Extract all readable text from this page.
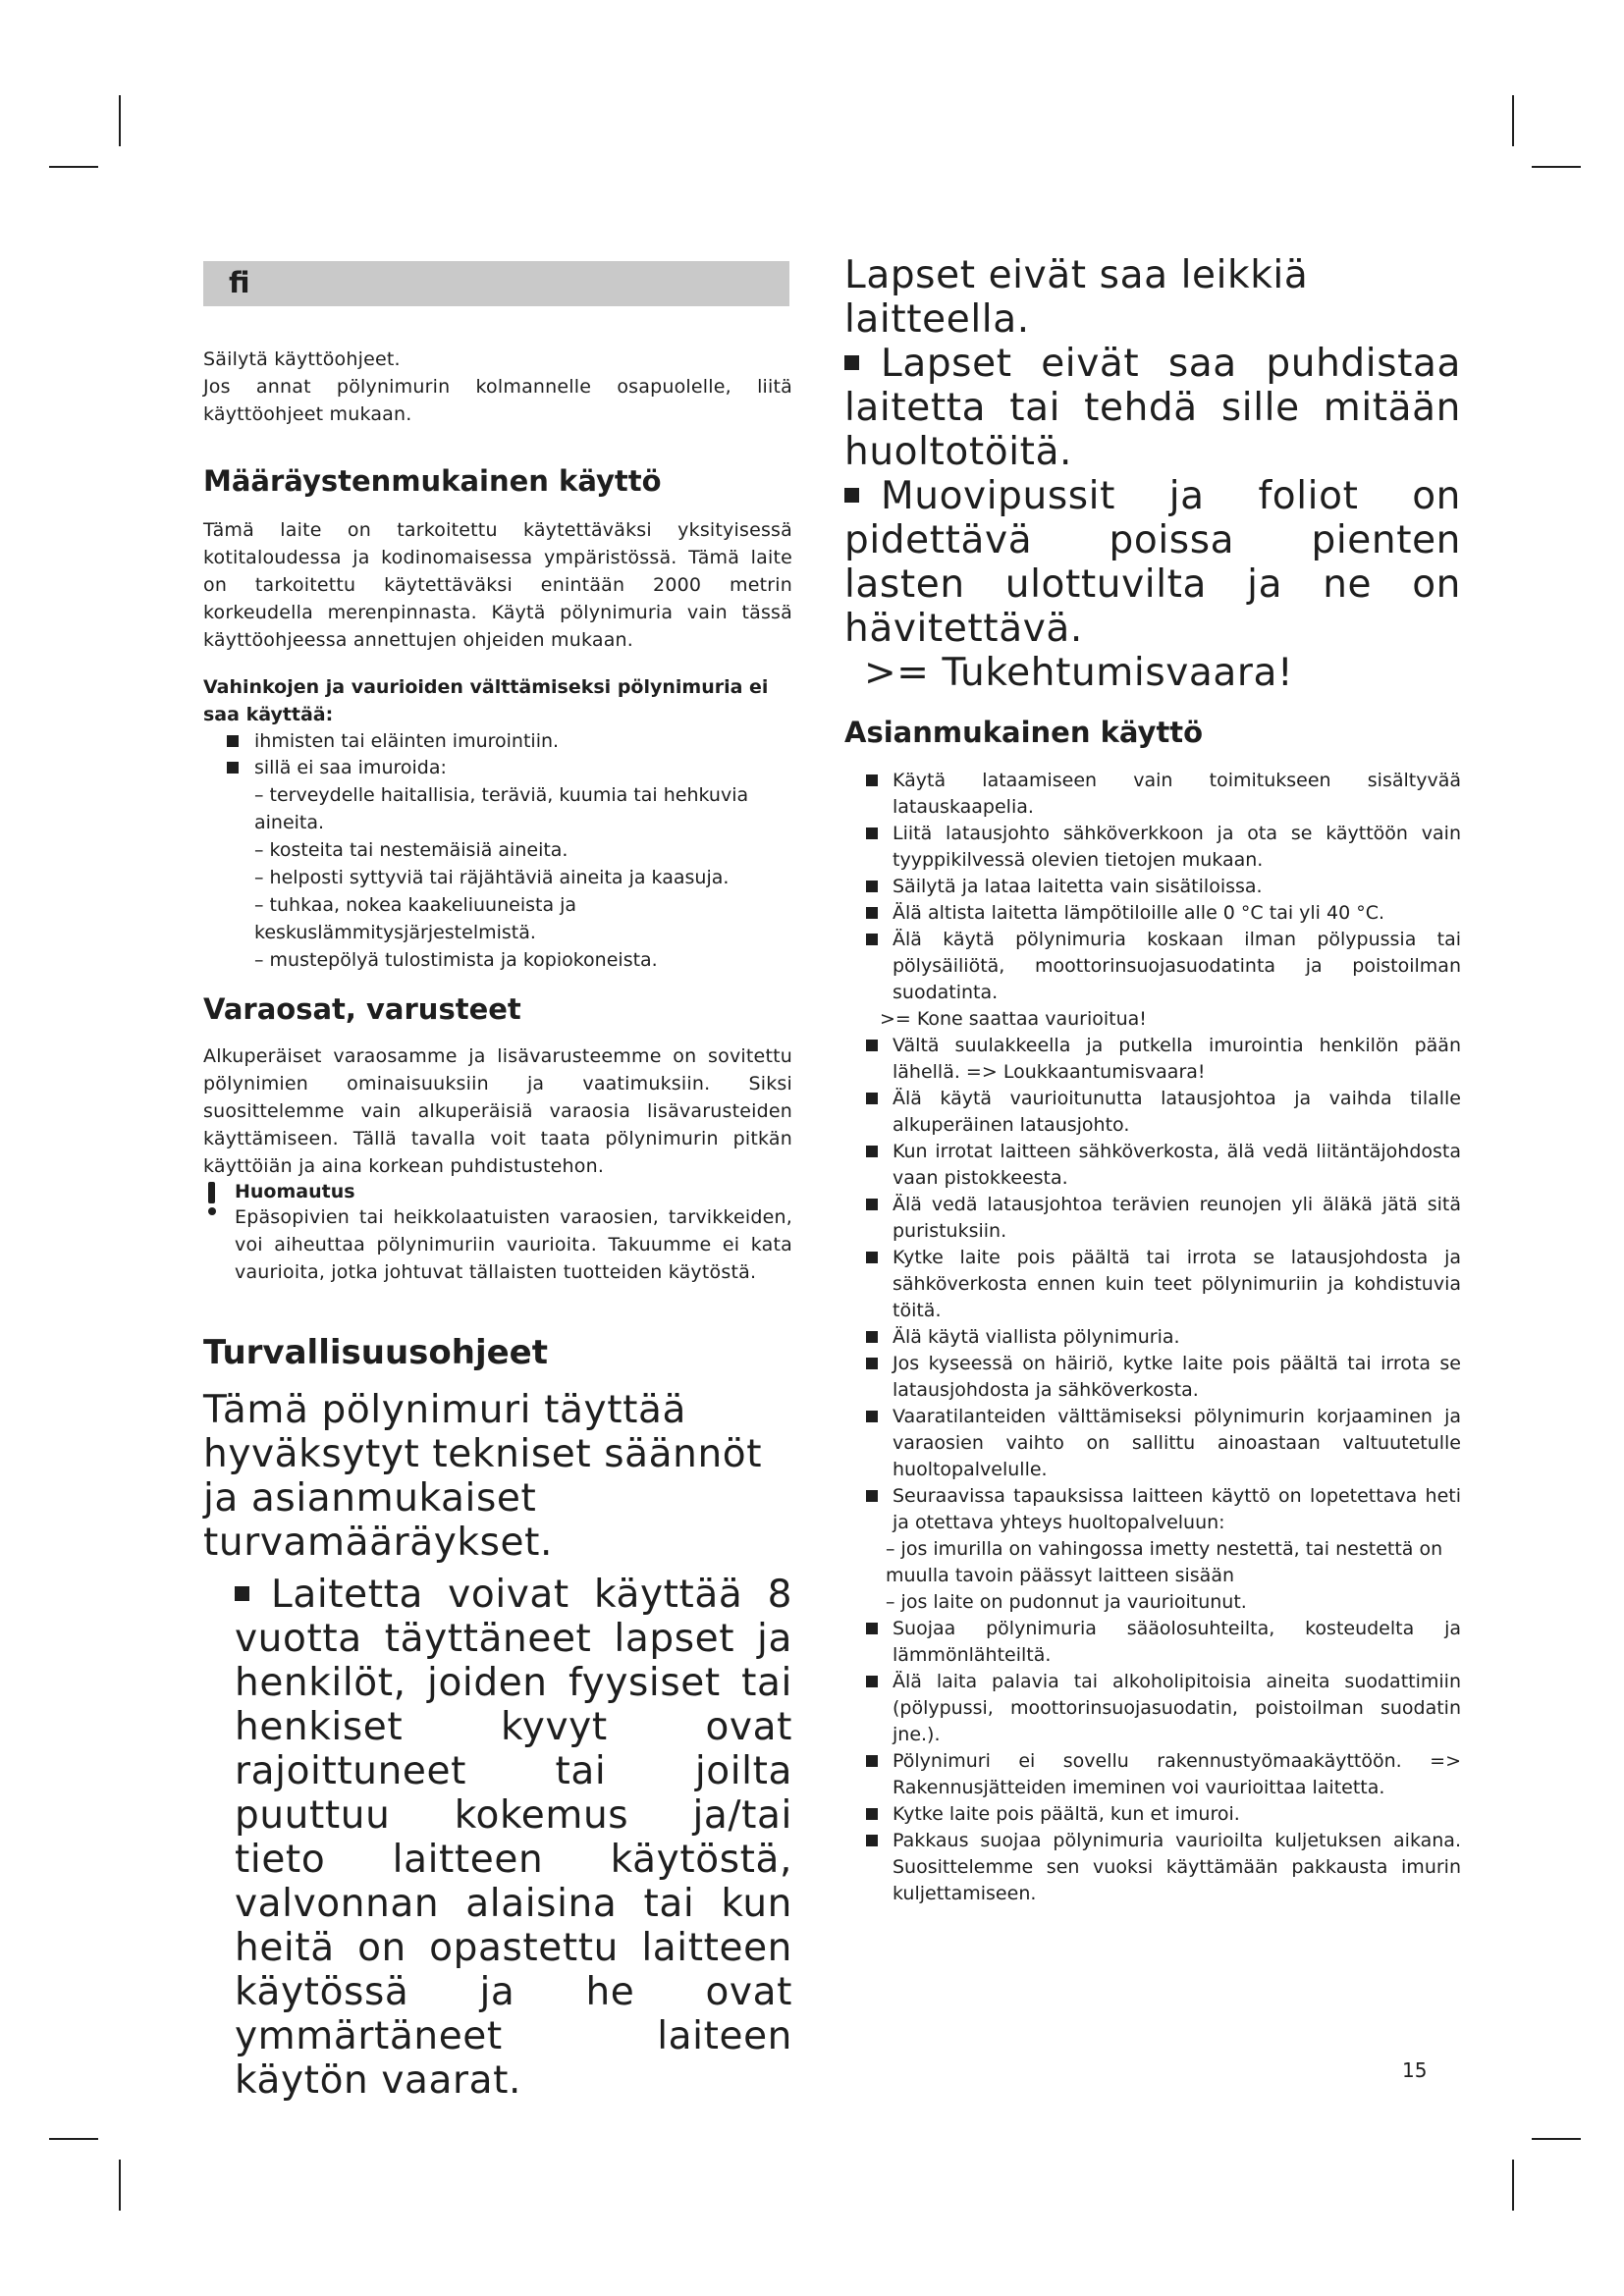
fi

Säilytä käyttöohjeet.

Jos annat pölynimurin kolmannelle osapuolelle, liitä käyttöohjeet mukaan.

Määräystenmukainen käyttö

Tämä laite on tarkoitettu käytettäväksi yksityisessä kotitaloudessa ja kodinomaisessa ympäristössä. Tämä laite on tarkoitettu käytettäväksi enintään 2000 metrin korkeudella merenpinnasta. Käytä pölynimuria vain tässä käyttöohjeessa annettujen ohjeiden mukaan.

Vahinkojen ja vaurioiden välttämiseksi pölynimuria ei saa käyttää:

ihmisten tai eläinten imurointiin.
sillä ei saa imuroida:
– terveydelle haitallisia, teräviä, kuumia tai hehkuvia aineita.
– kosteita tai nestemäisiä aineita.
– helposti syttyviä tai räjähtäviä aineita ja kaasuja.
– tuhkaa, nokea kaakeliuuneista ja keskuslämmitysjärjestelmistä.
– mustepölyä tulostimista ja kopiokoneista.
Varaosat, varusteet

Alkuperäiset varaosamme ja lisävarusteemme on sovitettu pölynimien ominaisuuksiin ja vaatimuksiin. Siksi suosittelemme vain alkuperäisiä varaosia lisävarusteiden käyttämiseen. Tällä tavalla voit taata pölynimurin pitkän käyttöiän ja aina korkean puhdistustehon.

Huomautus

Epäsopivien tai heikkolaatuisten varaosien, tarvikkeiden, voi aiheuttaa pölynimuriin vaurioita. Takuumme ei kata vaurioita, jotka johtuvat tällaisten tuotteiden käytöstä.

Turvallisuusohjeet

Tämä pölynimuri täyttää hyväksytyt tekniset säännöt ja asianmukaiset turvamääräykset.

Laitetta voivat käyttää 8 vuotta täyttäneet lapset ja henkilöt, joiden fyysiset tai henkiset kyvyt ovat rajoittuneet tai joilta puuttuu kokemus ja/tai tieto laitteen käytöstä, valvonnan alaisina tai kun heitä on opastettu laitteen käytössä ja he ovat ymmärtäneet laiteen käytön vaarat.

Lapset eivät saa leikkiä laitteella.

Lapset eivät saa puhdistaa laitetta tai tehdä sille mitään huoltotöitä.

Muovipussit ja foliot on pidettävä poissa pienten lasten ulottuvilta ja ne on hävitettävä.

>= Tukehtumisvaara!

Asianmukainen käyttö
Käytä lataamiseen vain toimitukseen sisältyvää latauskaapelia.
Liitä latausjohto sähköverkkoon ja ota se käyttöön vain tyyppikilvessä olevien tietojen mukaan.
Säilytä ja lataa laitetta vain sisätiloissa.
Älä altista laitetta lämpötiloille alle 0 °C tai yli 40 °C.
Älä käytä pölynimuria koskaan ilman pölypussia tai pölysäiliötä, moottorinsuojasuodatinta ja poistoilman suodatinta.
>= Kone saattaa vaurioitua!
Vältä suulakkeella ja putkella imurointia henkilön pään lähellä. => Loukkaantumisvaara!
Älä käytä vaurioitunutta latausjohtoa ja vaihda tilalle alkuperäinen latausjohto.
Kun irrotat laitteen sähköverkosta, älä vedä liitäntäjohdosta vaan pistokkeesta.
Älä vedä latausjohtoa terävien reunojen yli äläkä jätä sitä puristuksiin.
Kytke laite pois päältä tai irrota se latausjohdosta ja sähköverkosta ennen kuin teet pölynimuriin ja kohdistuvia töitä.
Älä käytä viallista pölynimuria.
Jos kyseessä on häiriö, kytke laite pois päältä tai irrota se latausjohdosta ja sähköverkosta.
Vaaratilanteiden välttämiseksi pölynimurin korjaaminen ja varaosien vaihto on sallittu ainoastaan valtuutetulle huoltopalvelulle.
Seuraavissa tapauksissa laitteen käyttö on lopetettava heti ja otettava yhteys huoltopalveluun:
– jos imurilla on vahingossa imetty nestettä, tai nestettä on muulla tavoin päässyt laitteen sisään
– jos laite on pudonnut ja vaurioitunut.
Suojaa pölynimuria sääolosuhteilta, kosteudelta ja lämmönlähteiltä.
Älä laita palavia tai alkoholipitoisia aineita suodattimiin (pölypussi, moottorinsuojasuodatin, poistoilman suodatin jne.).
Pölynimuri ei sovellu rakennustyömaakäyttöön. => Rakennusjätteiden imeminen voi vaurioittaa laitetta.
Kytke laite pois päältä, kun et imuroi.
Pakkaus suojaa pölynimuria vaurioilta kuljetuksen aikana. Suosittelemme sen vuoksi käyttämään pakkausta imurin kuljettamiseen.
15
